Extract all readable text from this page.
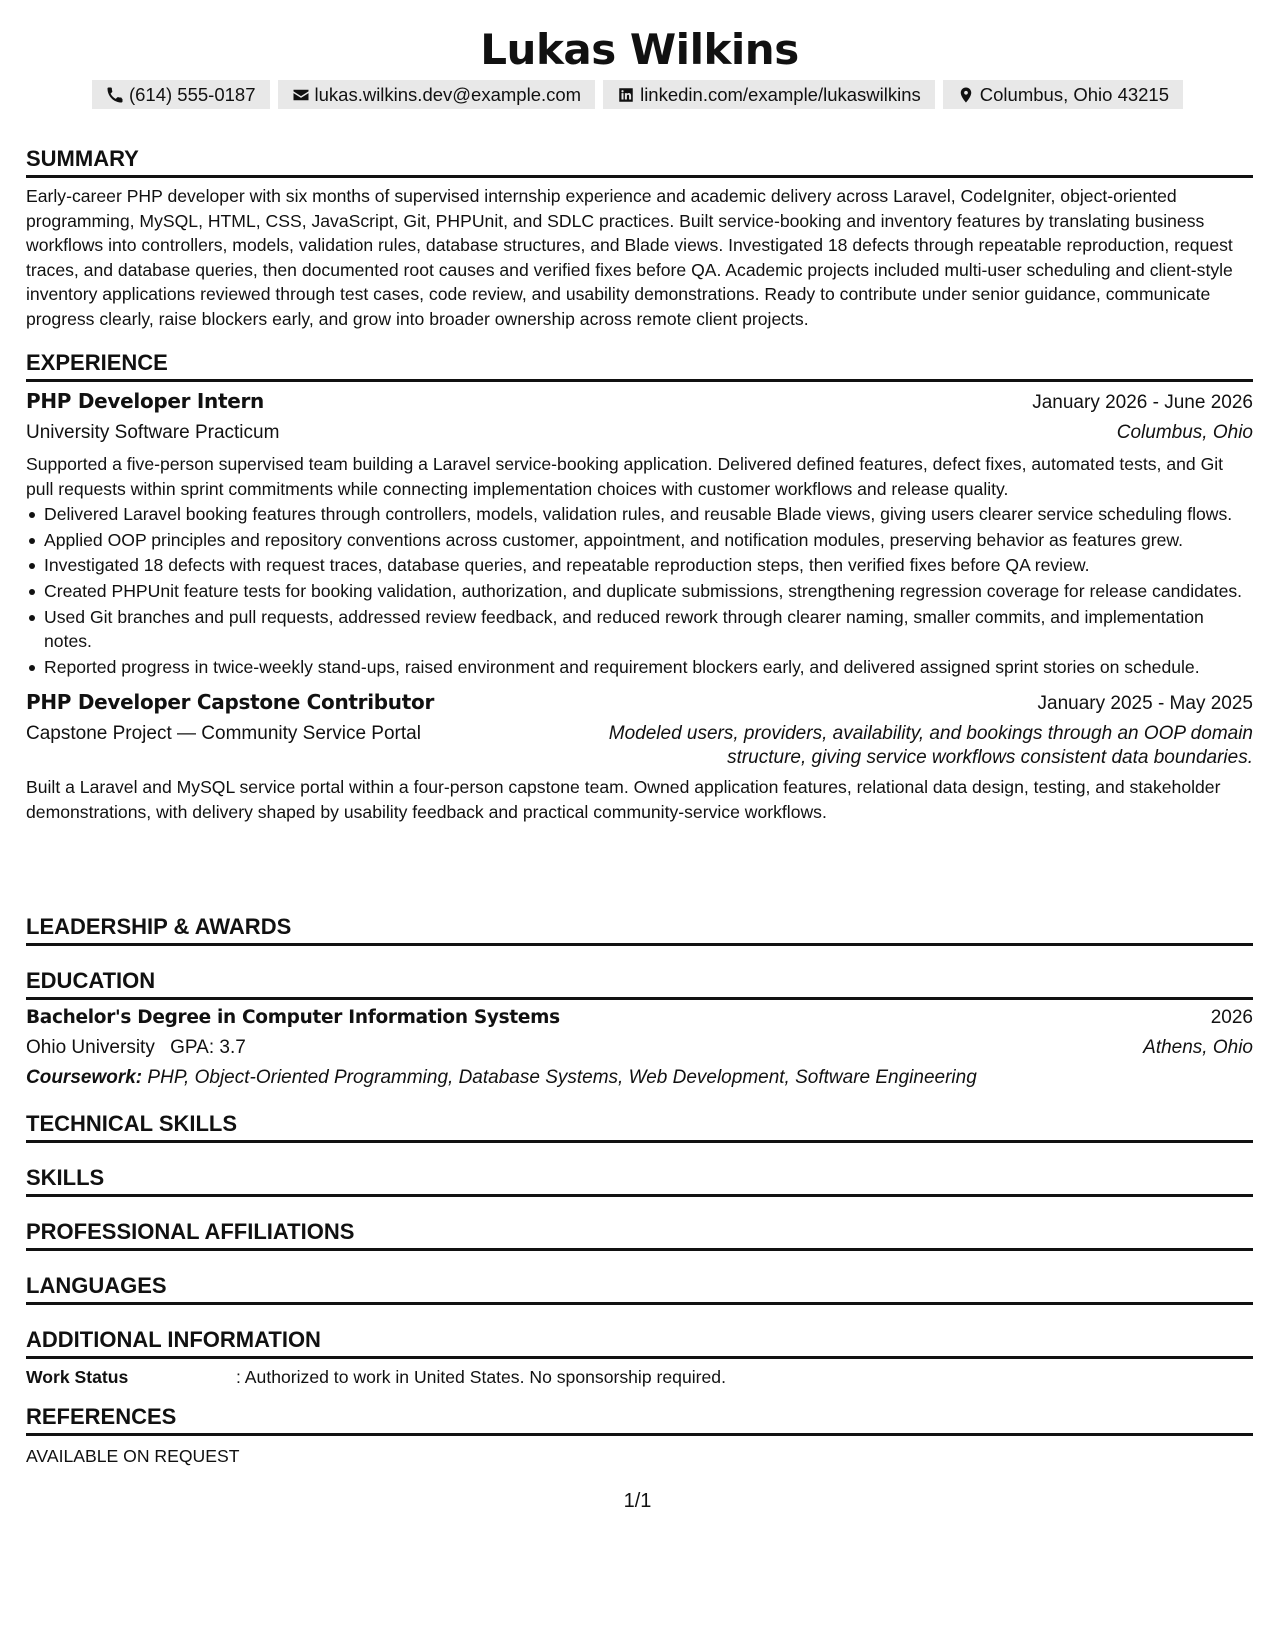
Lukas Wilkins
(614) 555-0187	lukas.wilkins.dev@example.com	linkedin.com/example/lukaswilkins	Columbus, Ohio 43215
SUMMARY
Early-career PHP developer with six months of supervised internship experience and academic delivery across Laravel, CodeIgniter, object-oriented programming, MySQL, HTML, CSS, JavaScript, Git, PHPUnit, and SDLC practices. Built service-booking and inventory features by translating business workflows into controllers, models, validation rules, database structures, and Blade views. Investigated 18 defects through repeatable reproduction, request traces, and database queries, then documented root causes and verified fixes before QA. Academic projects included multi-user scheduling and client-style inventory applications reviewed through test cases, code review, and usability demonstrations. Ready to contribute under senior guidance, communicate progress clearly, raise blockers early, and grow into broader ownership across remote client projects.
EXPERIENCE
PHP Developer Intern	January 2026 - June 2026
University Software Practicum	Columbus, Ohio
Supported a five-person supervised team building a Laravel service-booking application. Delivered defined features, defect fixes, automated tests, and Git pull requests within sprint commitments while connecting implementation choices with customer workflows and release quality.
Delivered Laravel booking features through controllers, models, validation rules, and reusable Blade views, giving users clearer service scheduling flows.
Applied OOP principles and repository conventions across customer, appointment, and notification modules, preserving behavior as features grew.
Investigated 18 defects with request traces, database queries, and repeatable reproduction steps, then verified fixes before QA review.
Created PHPUnit feature tests for booking validation, authorization, and duplicate submissions, strengthening regression coverage for release candidates.
Used Git branches and pull requests, addressed review feedback, and reduced rework through clearer naming, smaller commits, and implementation notes.
Reported progress in twice-weekly stand-ups, raised environment and requirement blockers early, and delivered assigned sprint stories on schedule.
PHP Developer Capstone Contributor	January 2025 - May 2025
Capstone Project — Community Service Portal	Modeled users, providers, availability, and bookings through an OOP domain structure, giving service workflows consistent data boundaries.
Built a Laravel and MySQL service portal within a four-person capstone team. Owned application features, relational data design, testing, and stakeholder demonstrations, with delivery shaped by usability feedback and practical community-service workflows.
LEADERSHIP & AWARDS
EDUCATION
Bachelor's Degree in Computer Information Systems	2026
Ohio University GPA: 3.7	Athens, Ohio
Coursework: PHP, Object-Oriented Programming, Database Systems, Web Development, Software Engineering
TECHNICAL SKILLS
SKILLS
PROFESSIONAL AFFILIATIONS
LANGUAGES
ADDITIONAL INFORMATION
Work Status	: Authorized to work in United States. No sponsorship required.
REFERENCES
AVAILABLE ON REQUEST
1/1
